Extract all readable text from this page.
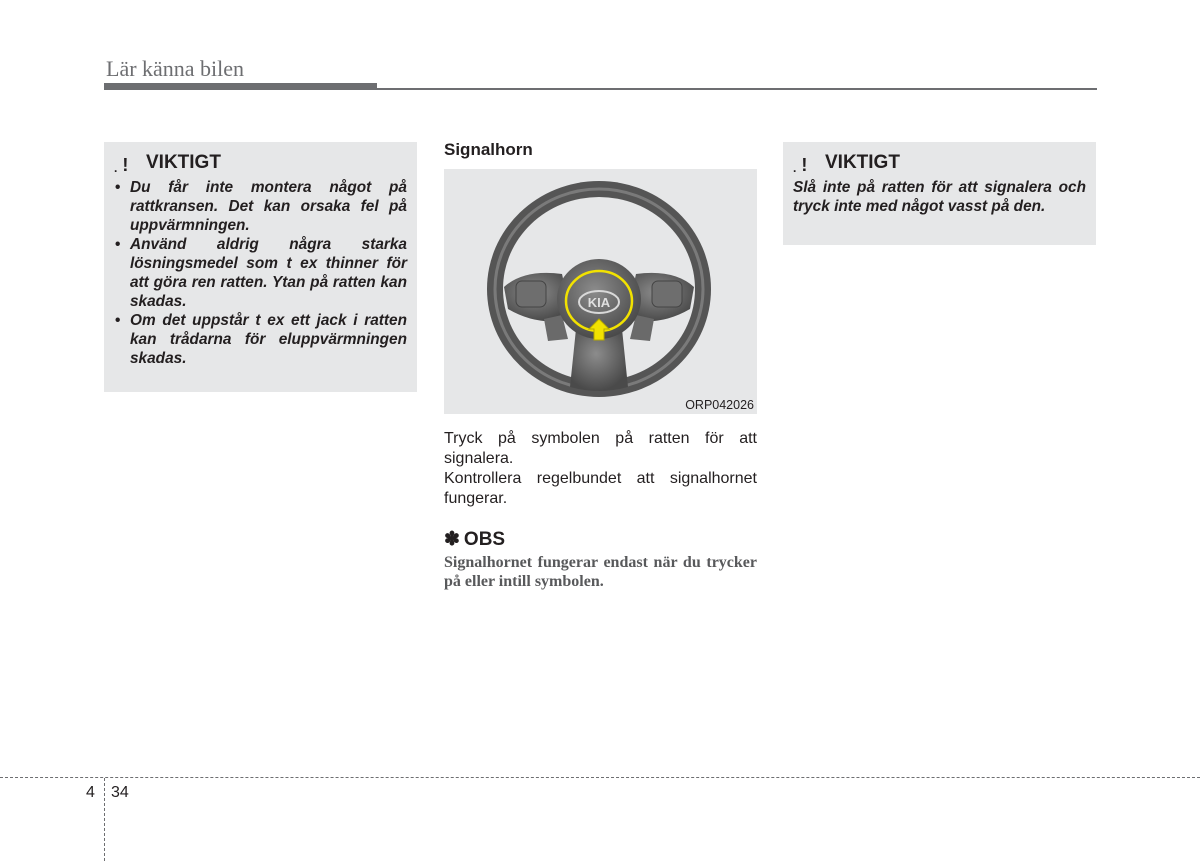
Lär känna bilen
. ! VIKTIGT
• Du får inte montera något på rattkransen. Det kan orsaka fel på uppvärmningen.
• Använd aldrig några starka lösningsmedel som t ex thinner för att göra ren ratten. Ytan på ratten kan skadas.
• Om det uppstår t ex ett jack i ratten kan trådarna för eluppvärmningen skadas.
Signalhorn
KIA
ORP042026
Tryck på symbolen på ratten för att signalera.
Kontrollera regelbundet att signalhornet fungerar.
✽ OBS
Signalhornet fungerar endast när du trycker på eller intill symbolen.
. ! VIKTIGT
Slå inte på ratten för att signalera och tryck inte med något vasst på den.
4 34
